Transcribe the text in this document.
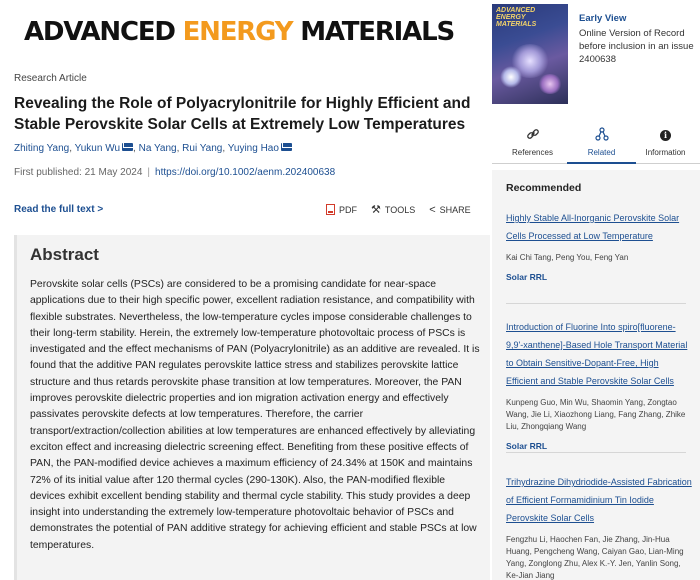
ADVANCED ENERGY MATERIALS
Research Article
Revealing the Role of Polyacrylonitrile for Highly Efficient and Stable Perovskite Solar Cells at Extremely Low Temperatures
Zhiting Yang, Yukun Wu , Na Yang, Rui Yang, Yuying Hao
First published: 21 May 2024 | https://doi.org/10.1002/aenm.202400638
Read the full text >	PDF ⚒ TOOLS < SHARE
Abstract

Perovskite solar cells (PSCs) are considered to be a promising candidate for near-space applications due to their high specific power, excellent radiation resistance, and compatibility with flexible substrates. Nevertheless, the low-temperature cycles impose considerable challenges to their long-term stability. Herein, the extremely low-temperature photovoltaic process of PSCs is investigated and the effect mechanisms of PAN (Polyacrylonitrile) as an additive are revealed. It is found that the additive PAN regulates perovskite lattice stress and stabilizes perovskite lattice structure and thus retards perovskite phase transition at low temperatures. Moreover, the PAN improves perovskite dielectric properties and ion migration activation energy and effectively passivates perovskite defects at low temperatures. Therefore, the carrier transport/extraction/collection abilities at low temperatures are enhanced effectively by alleviating exciton effect and increasing dielectric screening effect. Benefiting from these positive effects of PAN, the PAN-modified device achieves a maximum efficiency of 24.34% at 150K and maintains 72% of its initial value after 120 thermal cycles (290-130K). Also, the PAN-modified flexible devices exhibit excellent bending stability and thermal cycle stability. This study provides a deep insight into understanding the extremely low-temperature photovoltaic behavior of PSCs and demonstrates the potential of PAN additive strategy for achieving efficient and stable PSCs at low temperatures.

ADVANCED
ENERGY
MATERIALS
Early View
Online Version of Record before inclusion in an issue
2400638
References	Related
i
Information
Recommended
Highly Stable All-Inorganic Perovskite Solar Cells Processed at Low Temperature
Kai Chi Tang, Peng You, Feng Yan
Solar RRL
Introduction of Fluorine Into spiro[fluorene-9,9'-xanthene]-Based Hole Transport Material to Obtain Sensitive-Dopant-Free, High Efficient and Stable Perovskite Solar Cells
Kunpeng Guo, Min Wu, Shaomin Yang, Zongtao Wang, Jie Li, Xiaozhong Liang, Fang Zhang, Zhike Liu, Zhongqiang Wang
Solar RRL
Trihydrazine Dihydriodide-Assisted Fabrication of Efficient Formamidinium Tin Iodide Perovskite Solar Cells
Fengzhu Li, Haochen Fan, Jie Zhang, Jin-Hua Huang, Pengcheng Wang, Caiyan Gao, Lian-Ming Yang, Zonglong Zhu, Alex K.-Y. Jen, Yanlin Song, Ke-Jian Jiang
